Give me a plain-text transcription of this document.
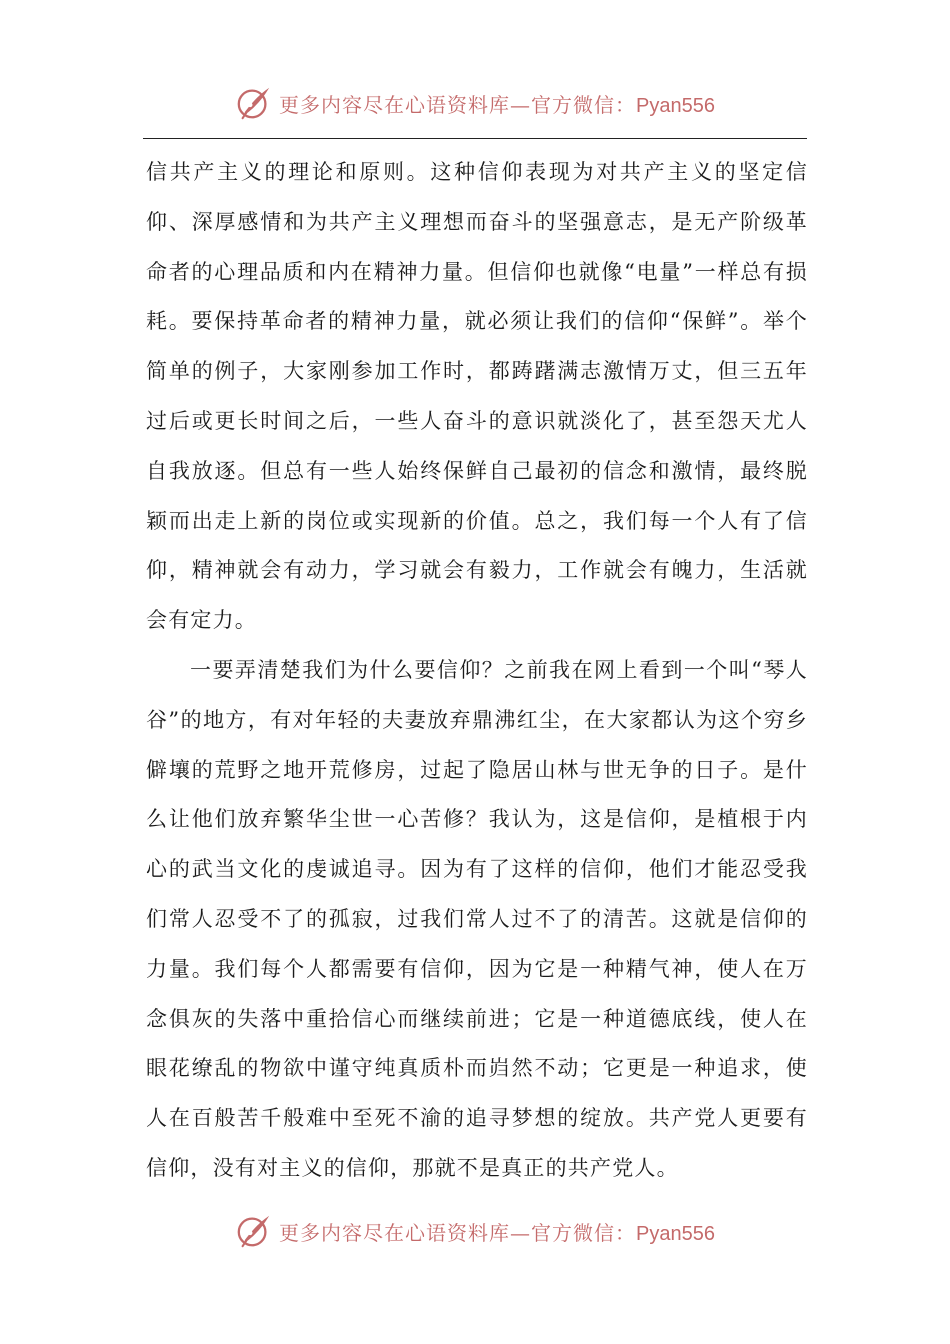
更多内容尽在心语资料库—官方微信：Pyan556

信共产主义的理论和原则。这种信仰表现为对共产主义的坚定信仰、深厚感情和为共产主义理想而奋斗的坚强意志，是无产阶级革命者的心理品质和内在精神力量。但信仰也就像“电量”一样总有损耗。要保持革命者的精神力量，就必须让我们的信仰“保鲜”。举个简单的例子，大家刚参加工作时，都踌躇满志激情万丈，但三五年过后或更长时间之后，一些人奋斗的意识就淡化了，甚至怨天尤人自我放逐。但总有一些人始终保鲜自己最初的信念和激情，最终脱颖而出走上新的岗位或实现新的价值。总之，我们每一个人有了信仰，精神就会有动力，学习就会有毅力，工作就会有魄力，生活就会有定力。

一要弄清楚我们为什么要信仰？之前我在网上看到一个叫“琴人谷”的地方，有对年轻的夫妻放弃鼎沸红尘，在大家都认为这个穷乡僻壤的荒野之地开荒修房，过起了隐居山林与世无争的日子。是什么让他们放弃繁华尘世一心苦修？我认为，这是信仰，是植根于内心的武当文化的虔诚追寻。因为有了这样的信仰，他们才能忍受我们常人忍受不了的孤寂，过我们常人过不了的清苦。这就是信仰的力量。我们每个人都需要有信仰，因为它是一种精气神，使人在万念俱灰的失落中重拾信心而继续前进；它是一种道德底线，使人在眼花缭乱的物欲中谨守纯真质朴而岿然不动；它更是一种追求，使人在百般苦千般难中至死不渝的追寻梦想的绽放。共产党人更要有信仰，没有对主义的信仰，那就不是真正的共产党人。

更多内容尽在心语资料库—官方微信：Pyan556
